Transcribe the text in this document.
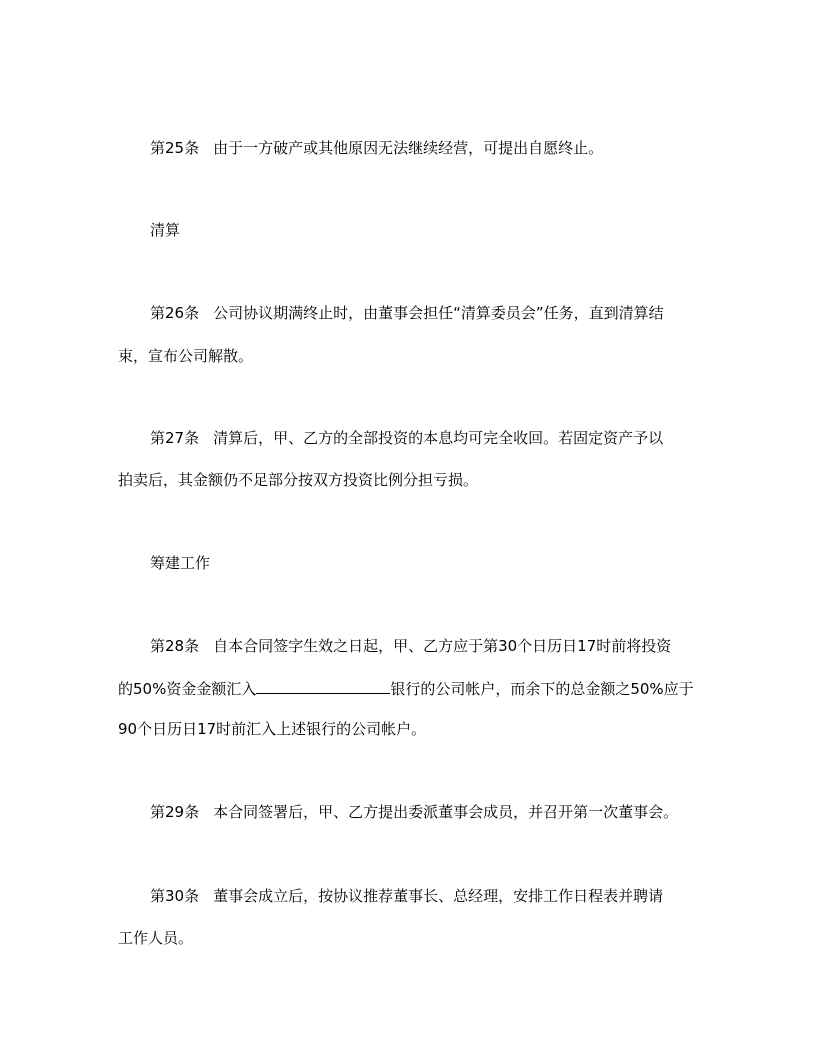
第25条 由于一方破产或其他原因无法继续经营，可提出自愿终止。
清算
第26条 公司协议期满终止时，由董事会担任“清算委员会”任务，直到清算结
束，宣布公司解散。
第27条 清算后，甲、乙方的全部投资的本息均可完全收回。若固定资产予以
拍卖后，其金额仍不足部分按双方投资比例分担亏损。
筹建工作
第28条 自本合同签字生效之日起，甲、乙方应于第30个日历日17时前将投资
的50%资金金额汇入	银行的公司帐户，而余下的总金额之50%应于
90个日历日17时前汇入上述银行的公司帐户。
第29条 本合同签署后，甲、乙方提出委派董事会成员，并召开第一次董事会。
第30条 董事会成立后，按协议推荐董事长、总经理，安排工作日程表并聘请
工作人员。
